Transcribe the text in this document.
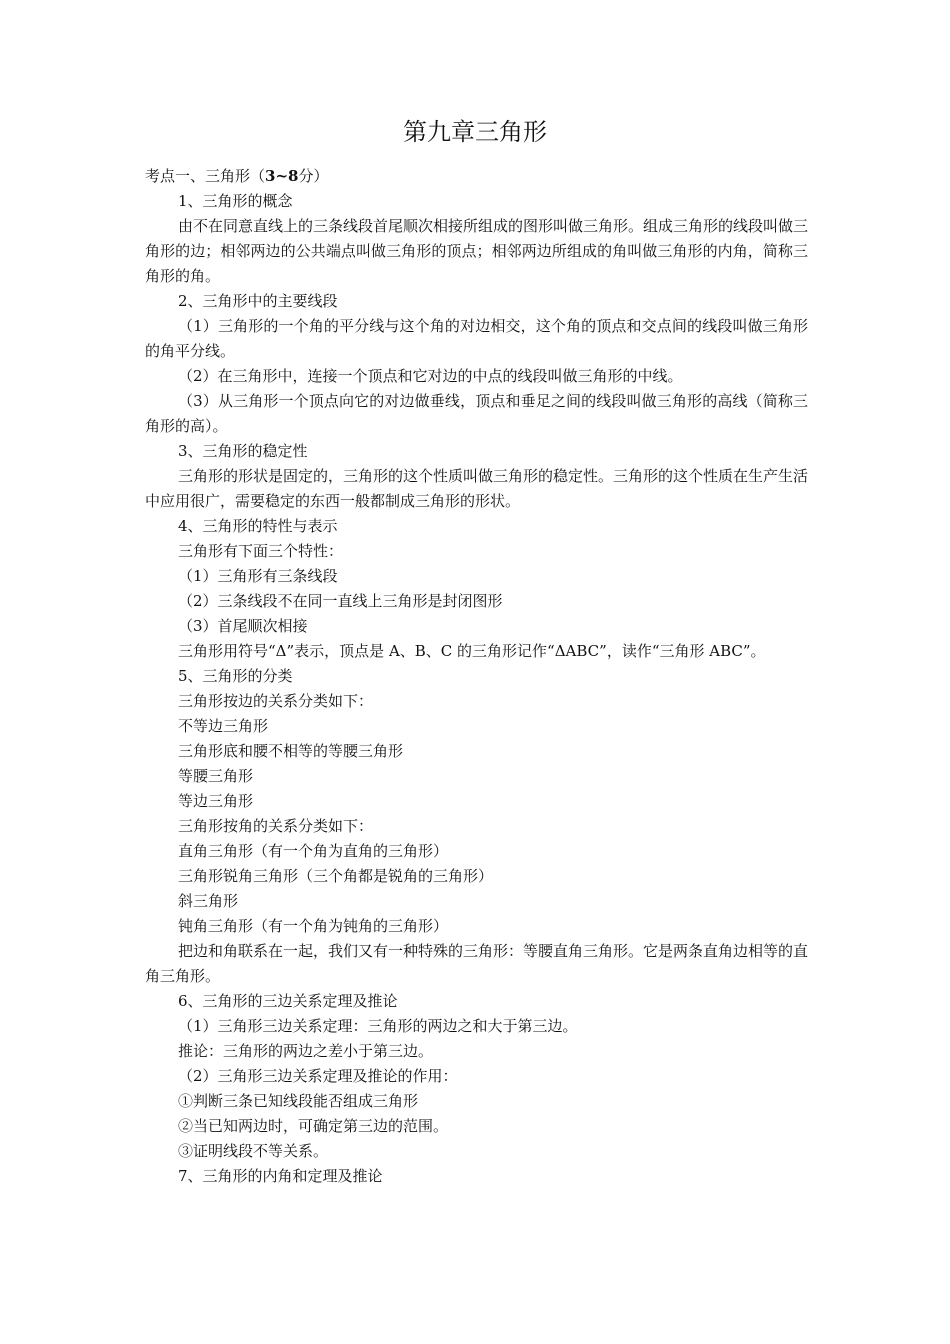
第九章三角形
考点一、三角形（3~8分）
1、三角形的概念
由不在同意直线上的三条线段首尾顺次相接所组成的图形叫做三角形。组成三角形的线段叫做三角形的边；相邻两边的公共端点叫做三角形的顶点；相邻两边所组成的角叫做三角形的内角，简称三角形的角。
2、三角形中的主要线段
（1）三角形的一个角的平分线与这个角的对边相交，这个角的顶点和交点间的线段叫做三角形的角平分线。
（2）在三角形中，连接一个顶点和它对边的中点的线段叫做三角形的中线。
（3）从三角形一个顶点向它的对边做垂线，顶点和垂足之间的线段叫做三角形的高线（简称三角形的高）。
3、三角形的稳定性
三角形的形状是固定的，三角形的这个性质叫做三角形的稳定性。三角形的这个性质在生产生活中应用很广，需要稳定的东西一般都制成三角形的形状。
4、三角形的特性与表示
三角形有下面三个特性：
（1）三角形有三条线段
（2）三条线段不在同一直线上三角形是封闭图形
（3）首尾顺次相接
三角形用符号“Δ”表示，顶点是 A、B、C 的三角形记作“ΔABC”，读作“三角形 ABC”。
5、三角形的分类
三角形按边的关系分类如下：
不等边三角形
三角形底和腰不相等的等腰三角形
等腰三角形
等边三角形
三角形按角的关系分类如下：
直角三角形（有一个角为直角的三角形）
三角形锐角三角形（三个角都是锐角的三角形）
斜三角形
钝角三角形（有一个角为钝角的三角形）
把边和角联系在一起，我们又有一种特殊的三角形：等腰直角三角形。它是两条直角边相等的直角三角形。
6、三角形的三边关系定理及推论
（1）三角形三边关系定理：三角形的两边之和大于第三边。
推论：三角形的两边之差小于第三边。
（2）三角形三边关系定理及推论的作用：
①判断三条已知线段能否组成三角形
②当已知两边时，可确定第三边的范围。
③证明线段不等关系。
7、三角形的内角和定理及推论
